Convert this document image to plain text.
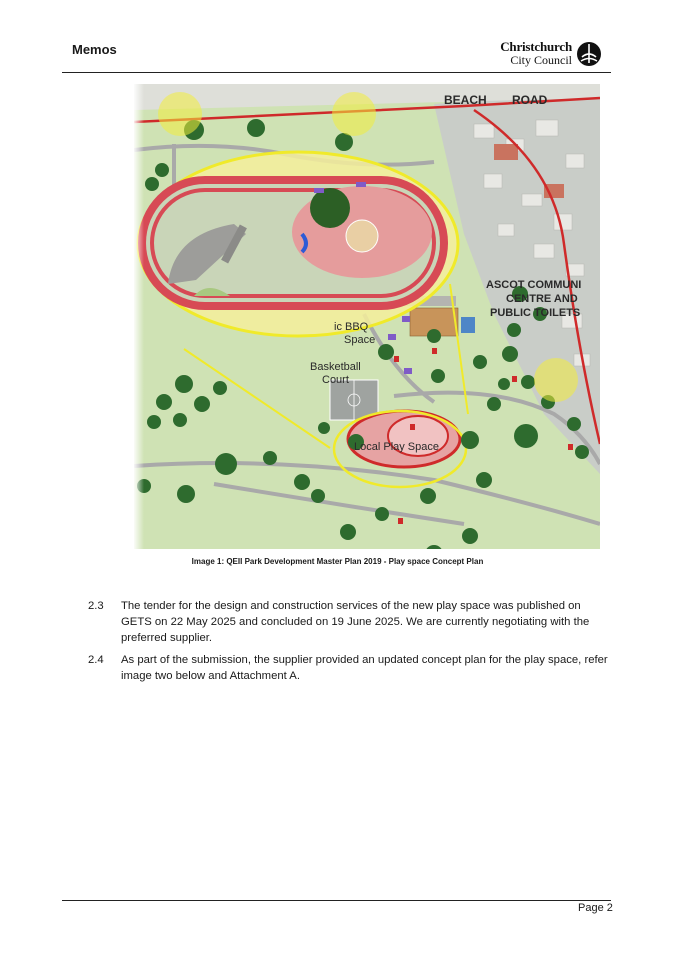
Memos	Christchurch
City Council
BEACH ROAD
ASCOT COMMUNI
CENTRE AND
PUBLIC TOILETS
ic BBQ
Space
Basketball
Court
Local Play Space
Image 1: QEII Park Development Master Plan 2019 - Play space Concept Plan
2.3 The tender for the design and construction services of the new play space was published on GETS on 22 May 2025 and concluded on 19 June 2025. We are currently negotiating with the preferred supplier.
2.4 As part of the submission, the supplier provided an updated concept plan for the play space, refer image two below and Attachment A.
Page 2
